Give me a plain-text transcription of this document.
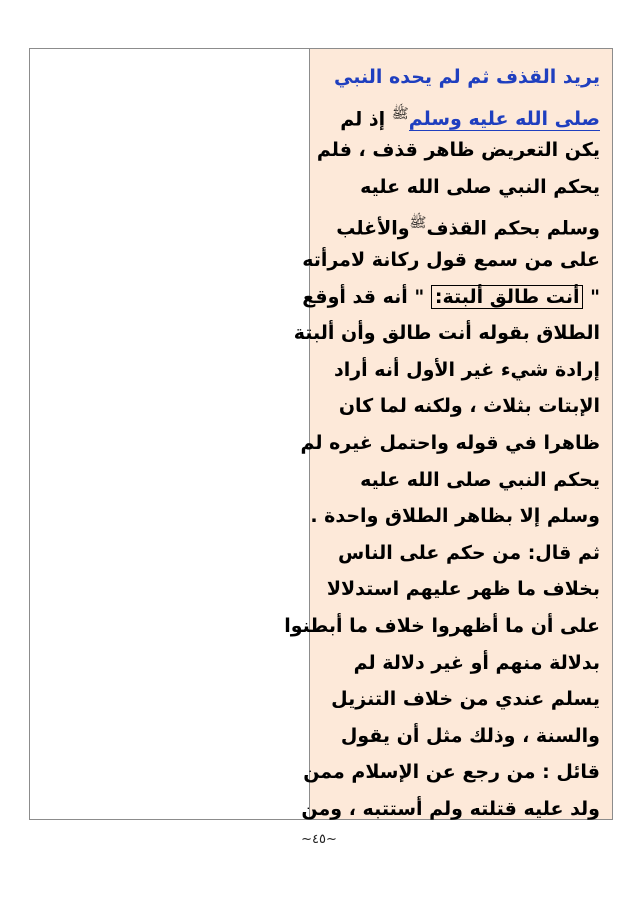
يريد القذف ثم لم يحده النبي
صلى الله عليه وسلم$^ﷺ$ إذ لم
يكن التعريض ظاهر قذف ، فلم
يحكم النبي صلى الله عليه
وسلم بحكم القذف$^ﷺ$والأغلب
على من سمع قول ركانة لامرأته
" أنت طالق ألبتة: " أنه قد أوقع
الطلاق بقوله أنت طالق وأن ألبتة
إرادة شيء غير الأول أنه أراد
الإبتات بثلاث ، ولكنه لما كان
ظاهرا في قوله واحتمل غيره لم
يحكم النبي صلى الله عليه
وسلم إلا بظاهر الطلاق واحدة .
ثم قال: من حكم على الناس
بخلاف ما ظهر عليهم استدلالا
على أن ما أظهروا خلاف ما أبطنوا
بدلالة منهم أو غير دلالة لم
يسلم عندي من خلاف التنزيل
والسنة ، وذلك مثل أن يقول
قائل : من رجع عن الإسلام ممن
ولد عليه قتلته ولم أستتبه ، ومن
~٤٥~
